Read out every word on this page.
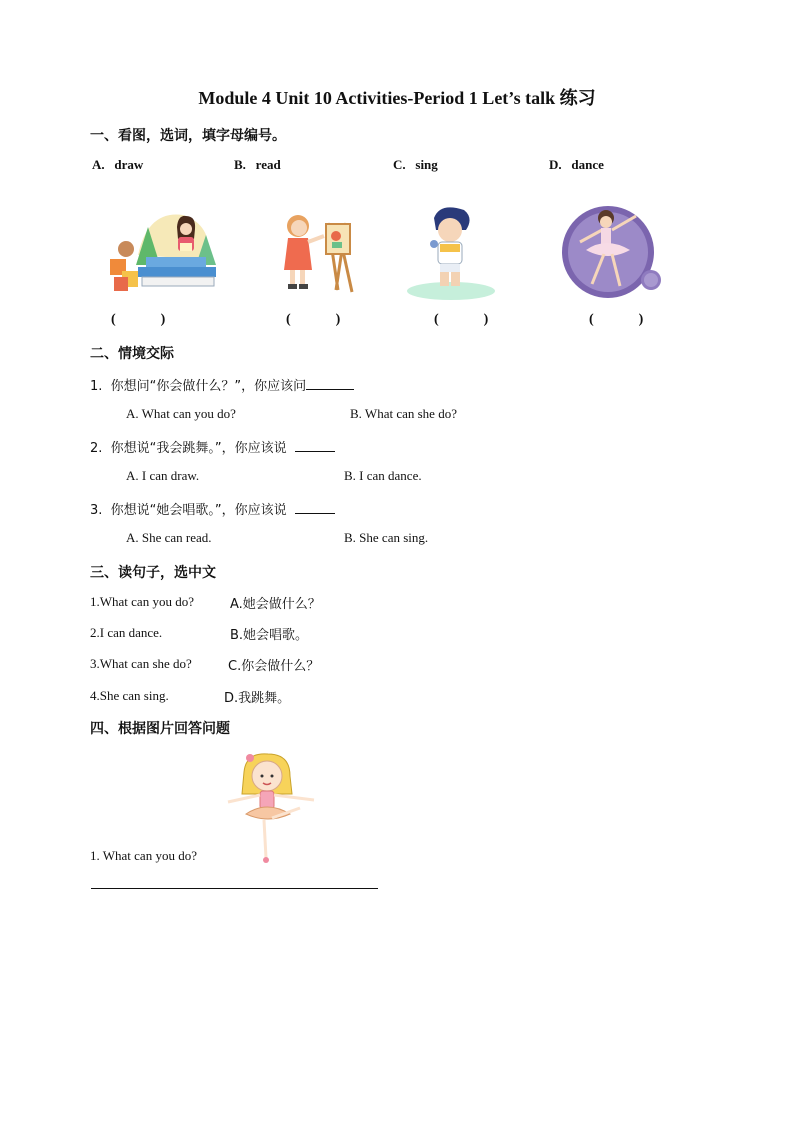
Module 4 Unit 10 Activities-Period 1 Let’s talk 练习
一、看图，选词，填字母编号。
A. draw	B. read	C. sing	D. dance
(	)	(	)	(	)	(	)
二、情境交际
1. 你想问“你会做什么？”，你应该问
A. What can you do?	B. What can she do?
2. 你想说“我会跳舞。”，你应该说
A. I can draw.	B. I can dance.
3. 你想说“她会唱歌。”，你应该说
A. She can read.	B. She can sing.
三、读句子，选中文
1.What can you do?	A.她会做什么？
2.I can dance.	B.她会唱歌。
3.What can she do?	C.你会做什么？
4.She can sing.	D.我跳舞。
四、根据图片回答问题
1. What can you do?
